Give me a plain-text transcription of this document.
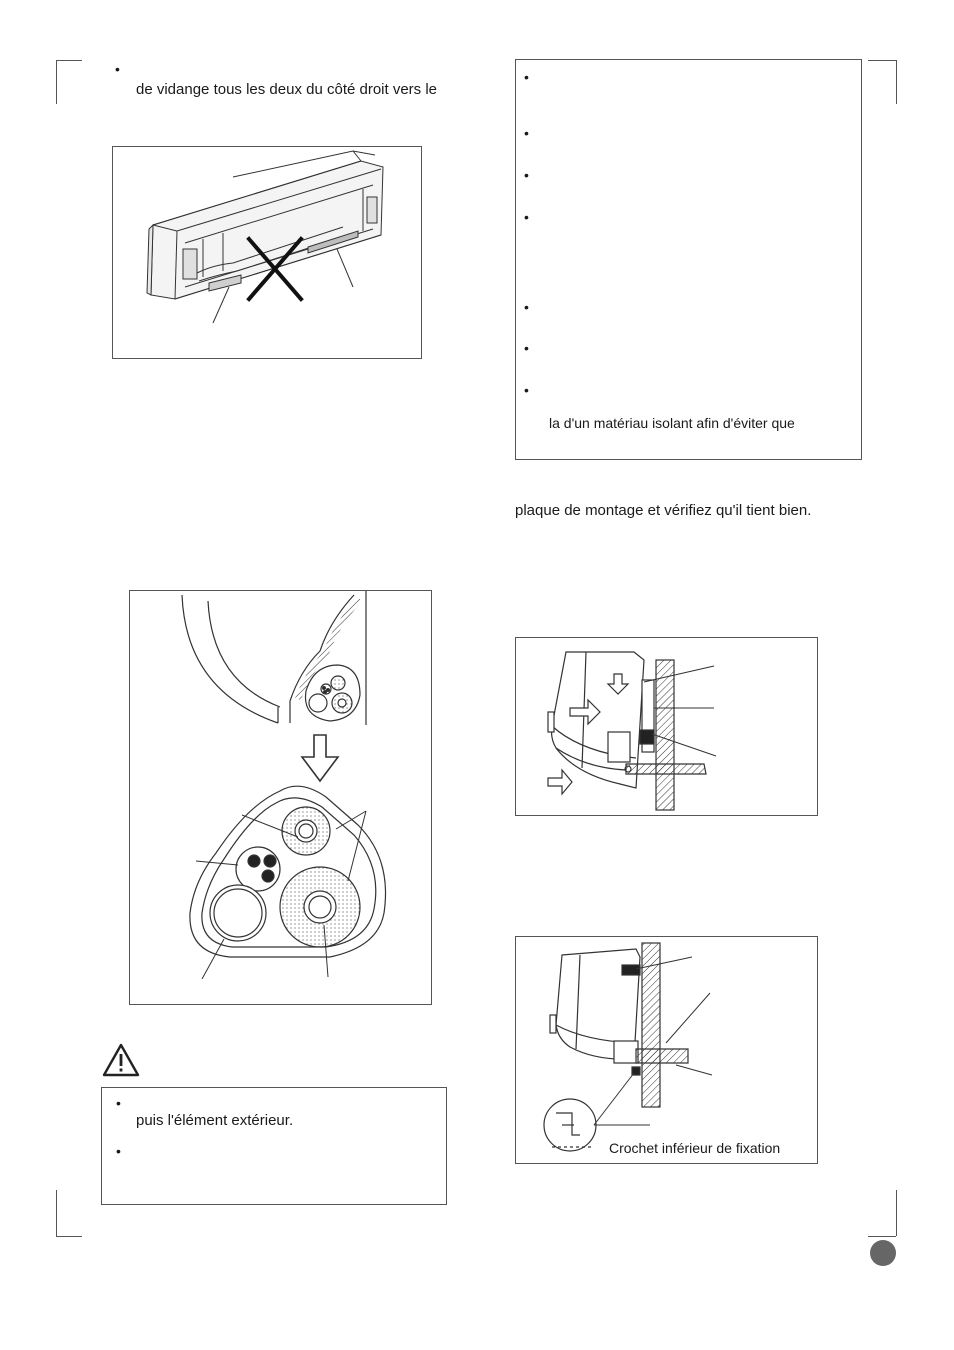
•
de vidange tous les deux du côté droit vers le
•
puis l'élément extérieur.
•
•
•
•
•
•
•
•
la d'un matériau isolant afin d'éviter que
plaque de montage et vérifiez qu'il tient bien.
Crochet inférieur de fixation
